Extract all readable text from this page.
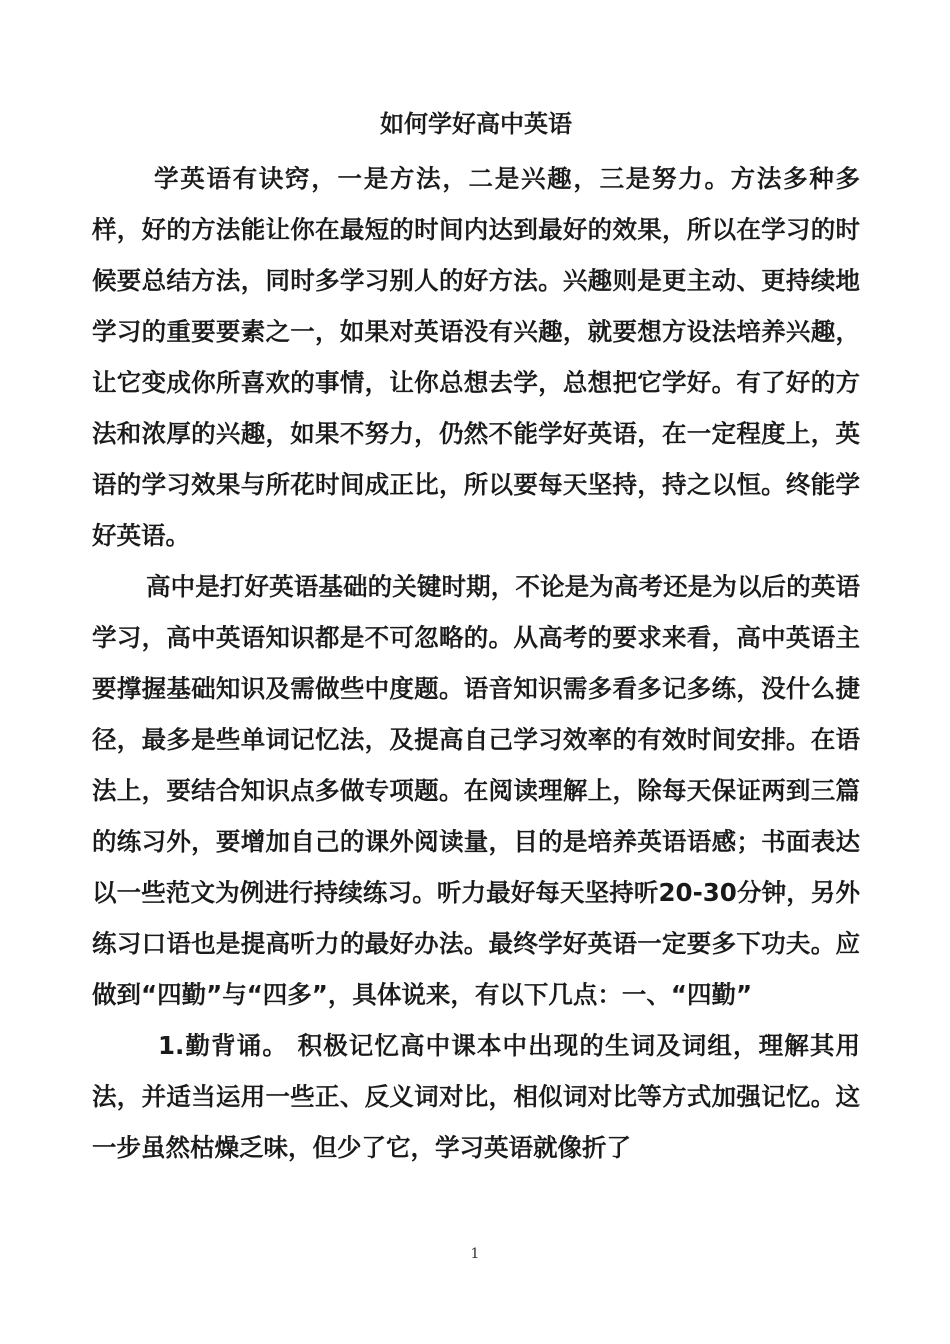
如何学好高中英语

学英语有诀窍，一是方法，二是兴趣，三是努力。方法多种多样，好的方法能让你在最短的时间内达到最好的效果，所以在学习的时候要总结方法，同时多学习别人的好方法。兴趣则是更主动、更持续地学习的重要要素之一，如果对英语没有兴趣，就要想方设法培养兴趣，让它变成你所喜欢的事情，让你总想去学，总想把它学好。有了好的方法和浓厚的兴趣，如果不努力，仍然不能学好英语，在一定程度上，英语的学习效果与所花时间成正比，所以要每天坚持，持之以恒。终能学好英语。

高中是打好英语基础的关键时期，不论是为高考还是为以后的英语学习，高中英语知识都是不可忽略的。从高考的要求来看，高中英语主要撑握基础知识及需做些中度题。语音知识需多看多记多练，没什么捷径，最多是些单词记忆法，及提高自己学习效率的有效时间安排。在语法上，要结合知识点多做专项题。在阅读理解上，除每天保证两到三篇的练习外，要增加自己的课外阅读量，目的是培养英语语感；书面表达以一些范文为例进行持续练习。听力最好每天坚持听20-30分钟，另外练习口语也是提高听力的最好办法。最终学好英语一定要多下功夫。应做到“四勤”与“四多”，具体说来，有以下几点：一、“四勤”

1.勤背诵。 积极记忆高中课本中出现的生词及词组，理解其用法，并适当运用一些正、反义词对比，相似词对比等方式加强记忆。这一步虽然枯燥乏味，但少了它，学习英语就像折了

1
